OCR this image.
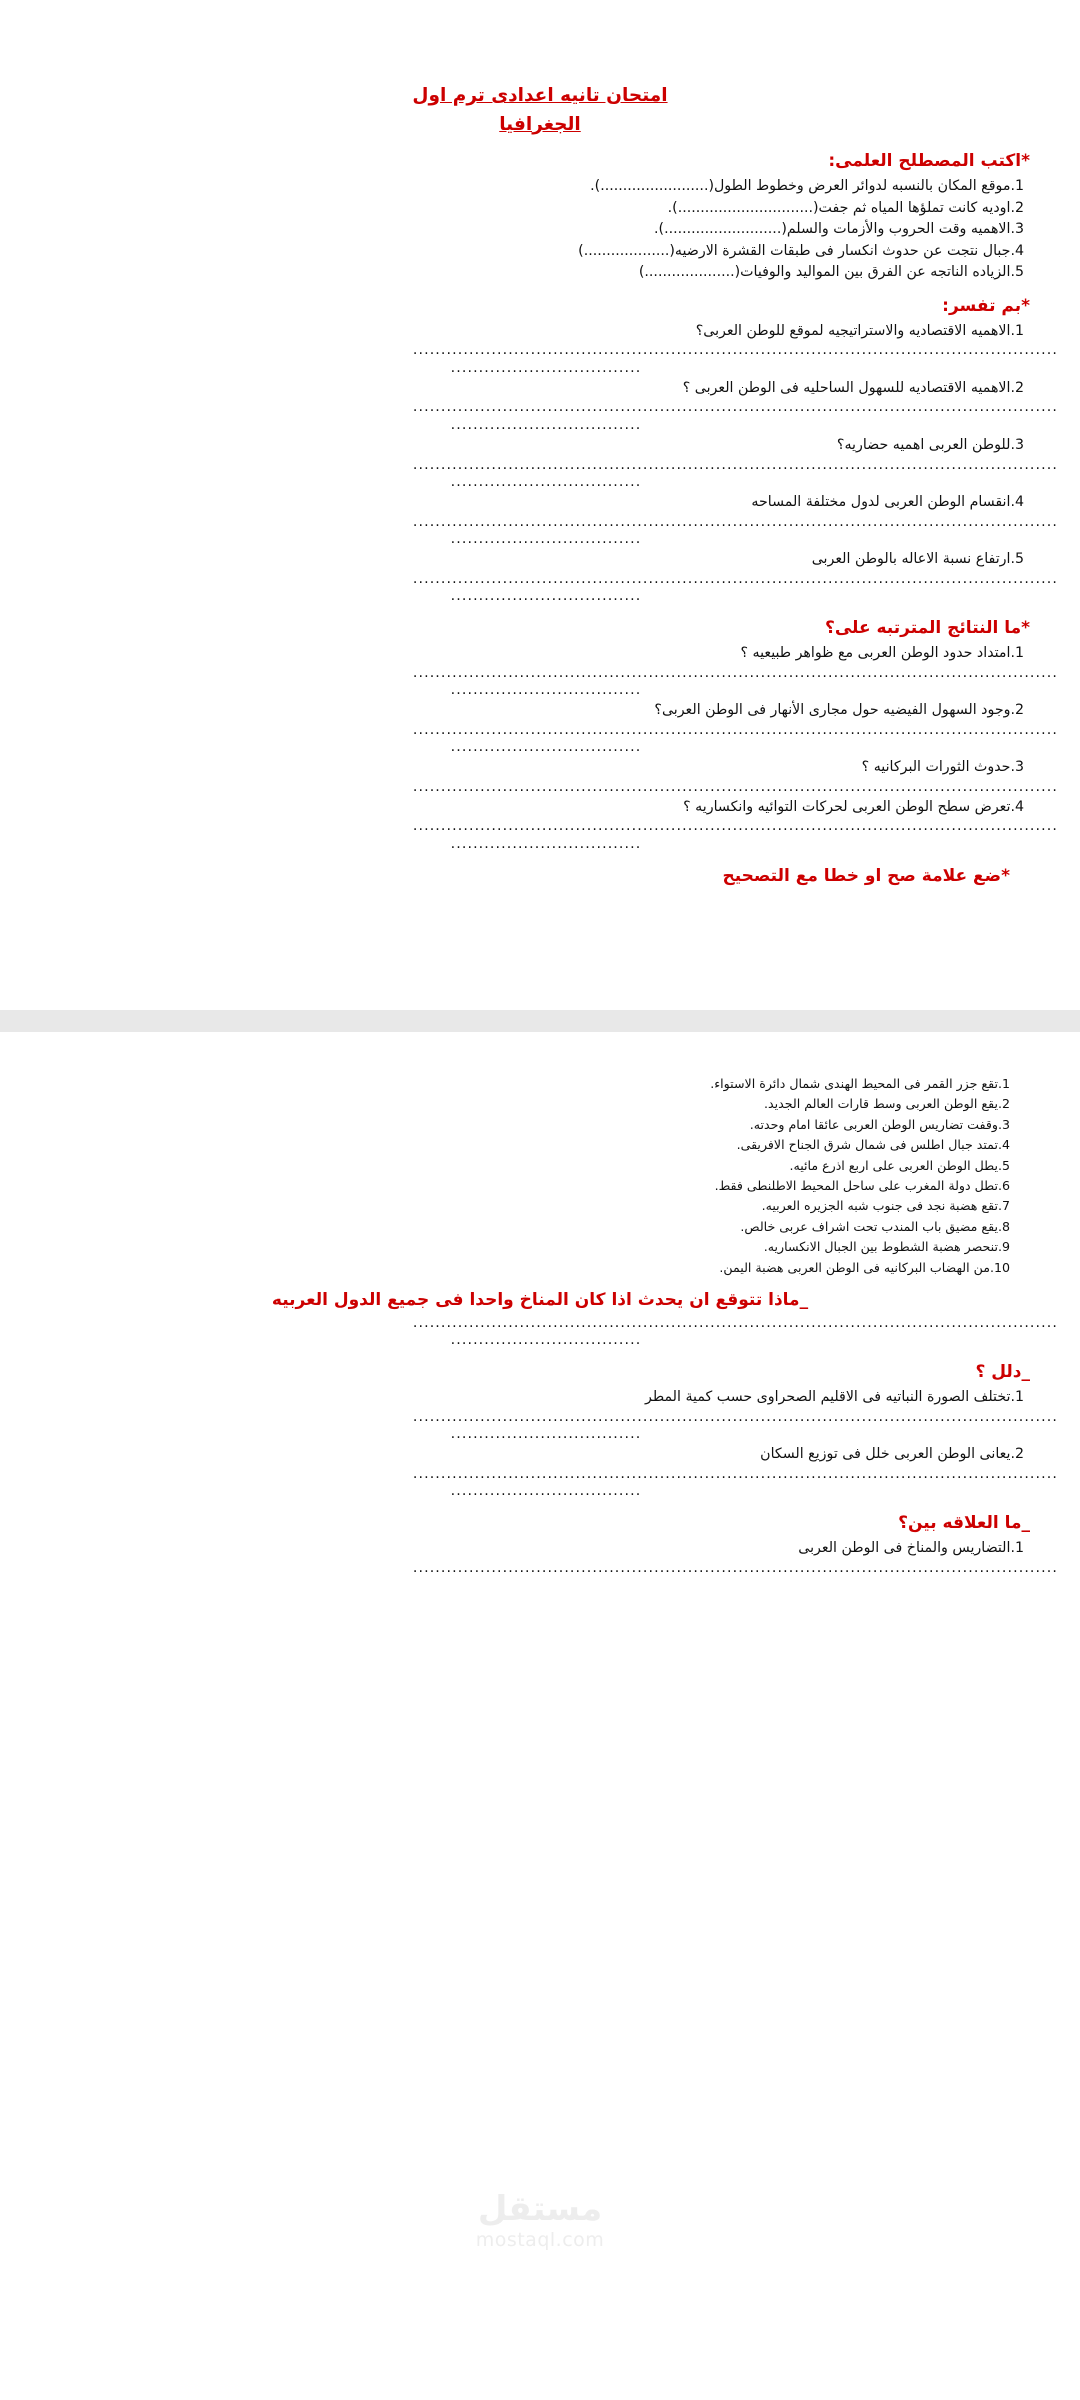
امتحان تانيه اعدادى ترم اول
الجغرافيا

*اكتب المصطلح العلمى:

1.موقع المكان بالنسبه لدوائر العرض وخطوط الطول(........................).

2.اوديه كانت تملؤها المياه ثم جفت(..............................).

3.الاهميه وقت الحروب والأزمات والسلم(..........................).

4.جبال نتجت عن حدوث انكسار فى طبقات القشرة الارضيه(...................)

5.الزياده الناتجه عن الفرق بين المواليد والوفيات(....................)

*بم تفسر:

1.الاهميه الاقتصاديه والاستراتيجيه لموقع للوطن العربى؟

...................................................................................................................

..................................

2.الاهميه الاقتصاديه للسهول الساحليه فى الوطن العربى ؟

...................................................................................................................

..................................

3.للوطن العربى اهميه حضاريه؟

...................................................................................................................

..................................

4.انقسام الوطن العربى لدول مختلفة المساحه

...................................................................................................................

..................................

5.ارتفاع نسبة الاعاله بالوطن العربى

...................................................................................................................

..................................

*ما النتائج المترتبه على؟

1.امتداد حدود الوطن العربى مع ظواهر طبيعيه ؟

...................................................................................................................

..................................

2.وجود السهول الفيضيه حول مجارى الأنهار فى الوطن العربى؟

...................................................................................................................

..................................

3.حدوث الثورات البركانيه ؟

...................................................................................................................

4.تعرض سطح الوطن العربى لحركات التوائيه وانكساريه ؟

...................................................................................................................

..................................

*ضع علامة صح او خطا مع التصحيح

1.تقع جزر القمر فى المحيط الهندى شمال دائرة الاستواء.

2.يقع الوطن العربى وسط قارات العالم الجديد.

3.وقفت تضاريس الوطن العربى عائقا امام وحدته.

4.تمتد جبال اطلس فى شمال شرق الجناح الافريقى.

5.يطل الوطن العربى على اربع اذرع مائيه.

6.تطل دولة المغرب على ساحل المحيط الاطلنطى فقط.

7.تقع هضبة نجد فى جنوب شبه الجزيره العربيه.

8.يقع مضيق باب المندب تحت اشراف عربى خالص.

9.تنحصر هضبة الشطوط بين الجبال الانكساريه.

10.من الهضاب البركانيه فى الوطن العربى هضبة اليمن.

_ماذا تتوقع ان يحدث اذا كان المناخ واحدا فى جميع الدول العربيه

...................................................................................................................

..................................

_دلل ؟

1.تختلف الصورة النباتيه فى الاقليم الصحراوى حسب كمية المطر

...................................................................................................................

..................................

2.يعانى الوطن العربى خلل فى توزيع السكان

...................................................................................................................

..................................

_ما العلاقه بين؟

1.التضاريس والمناخ فى الوطن العربى

...................................................................................................................

مستقل
mostaql.com
